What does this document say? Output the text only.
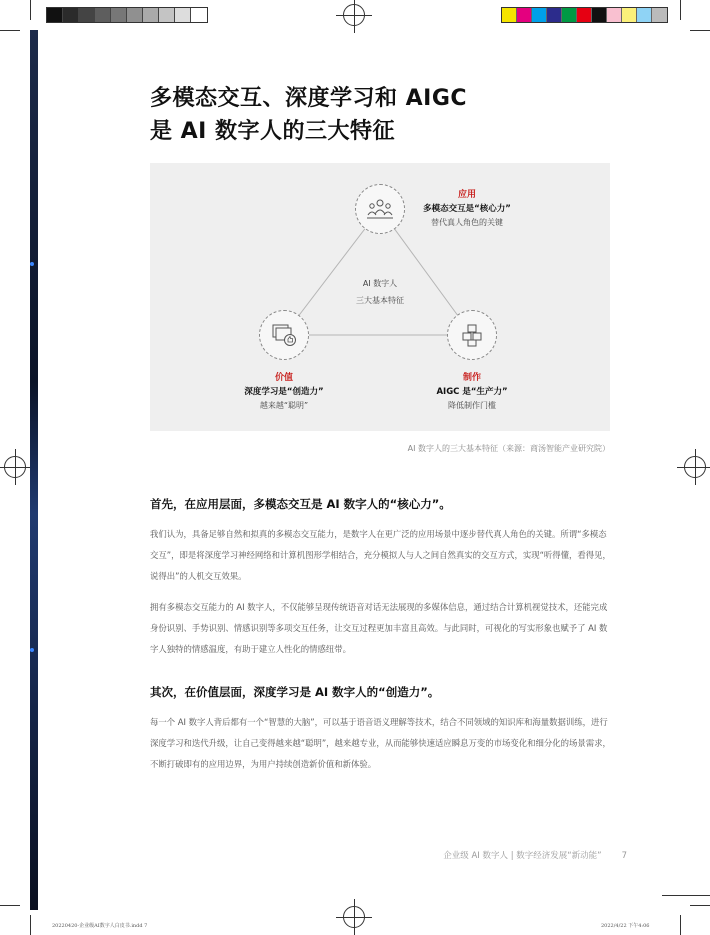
多模态交互、深度学习和 AIGC
是 AI 数字人的三大特征
AI 数字人
三大基本特征
应用
多模态交互是“核心力”
替代真人角色的关键
价值
深度学习是“创造力”
越来越“聪明”
制作
AIGC 是“生产力”
降低制作门槛
AI 数字人的三大基本特征（来源：商汤智能产业研究院）
首先，在应用层面，多模态交互是 AI 数字人的“核心力”。

我们认为，具备足够自然和拟真的多模态交互能力，是数字人在更广泛的应用场景中逐步替代真人角色的关键。所谓“多模态交互”，即是将深度学习神经网络和计算机图形学相结合，充分模拟人与人之间自然真实的交互方式，实现“听得懂，看得见，说得出”的人机交互效果。

拥有多模态交互能力的 AI 数字人，不仅能够呈现传统语音对话无法展现的多媒体信息，通过结合计算机视觉技术，还能完成身份识别、手势识别、情感识别等多项交互任务，让交互过程更加丰富且高效。与此同时，可视化的写实形象也赋予了 AI 数字人独特的情感温度，有助于建立人性化的情感纽带。

其次，在价值层面，深度学习是 AI 数字人的“创造力”。

每一个 AI 数字人背后都有一个“智慧的大脑”，可以基于语音语义理解等技术，结合不同领域的知识库和海量数据训练，进行深度学习和迭代升级，让自己变得越来越“聪明”，越来越专业，从而能够快速适应瞬息万变的市场变化和细分化的场景需求，不断打破即有的应用边界，为用户持续创造新价值和新体验。

企业级 AI 数字人 | 数字经济发展“新动能” 7
20220420-企业级AI数字人白皮书.indd 7	2022/4/22 下午4:06
